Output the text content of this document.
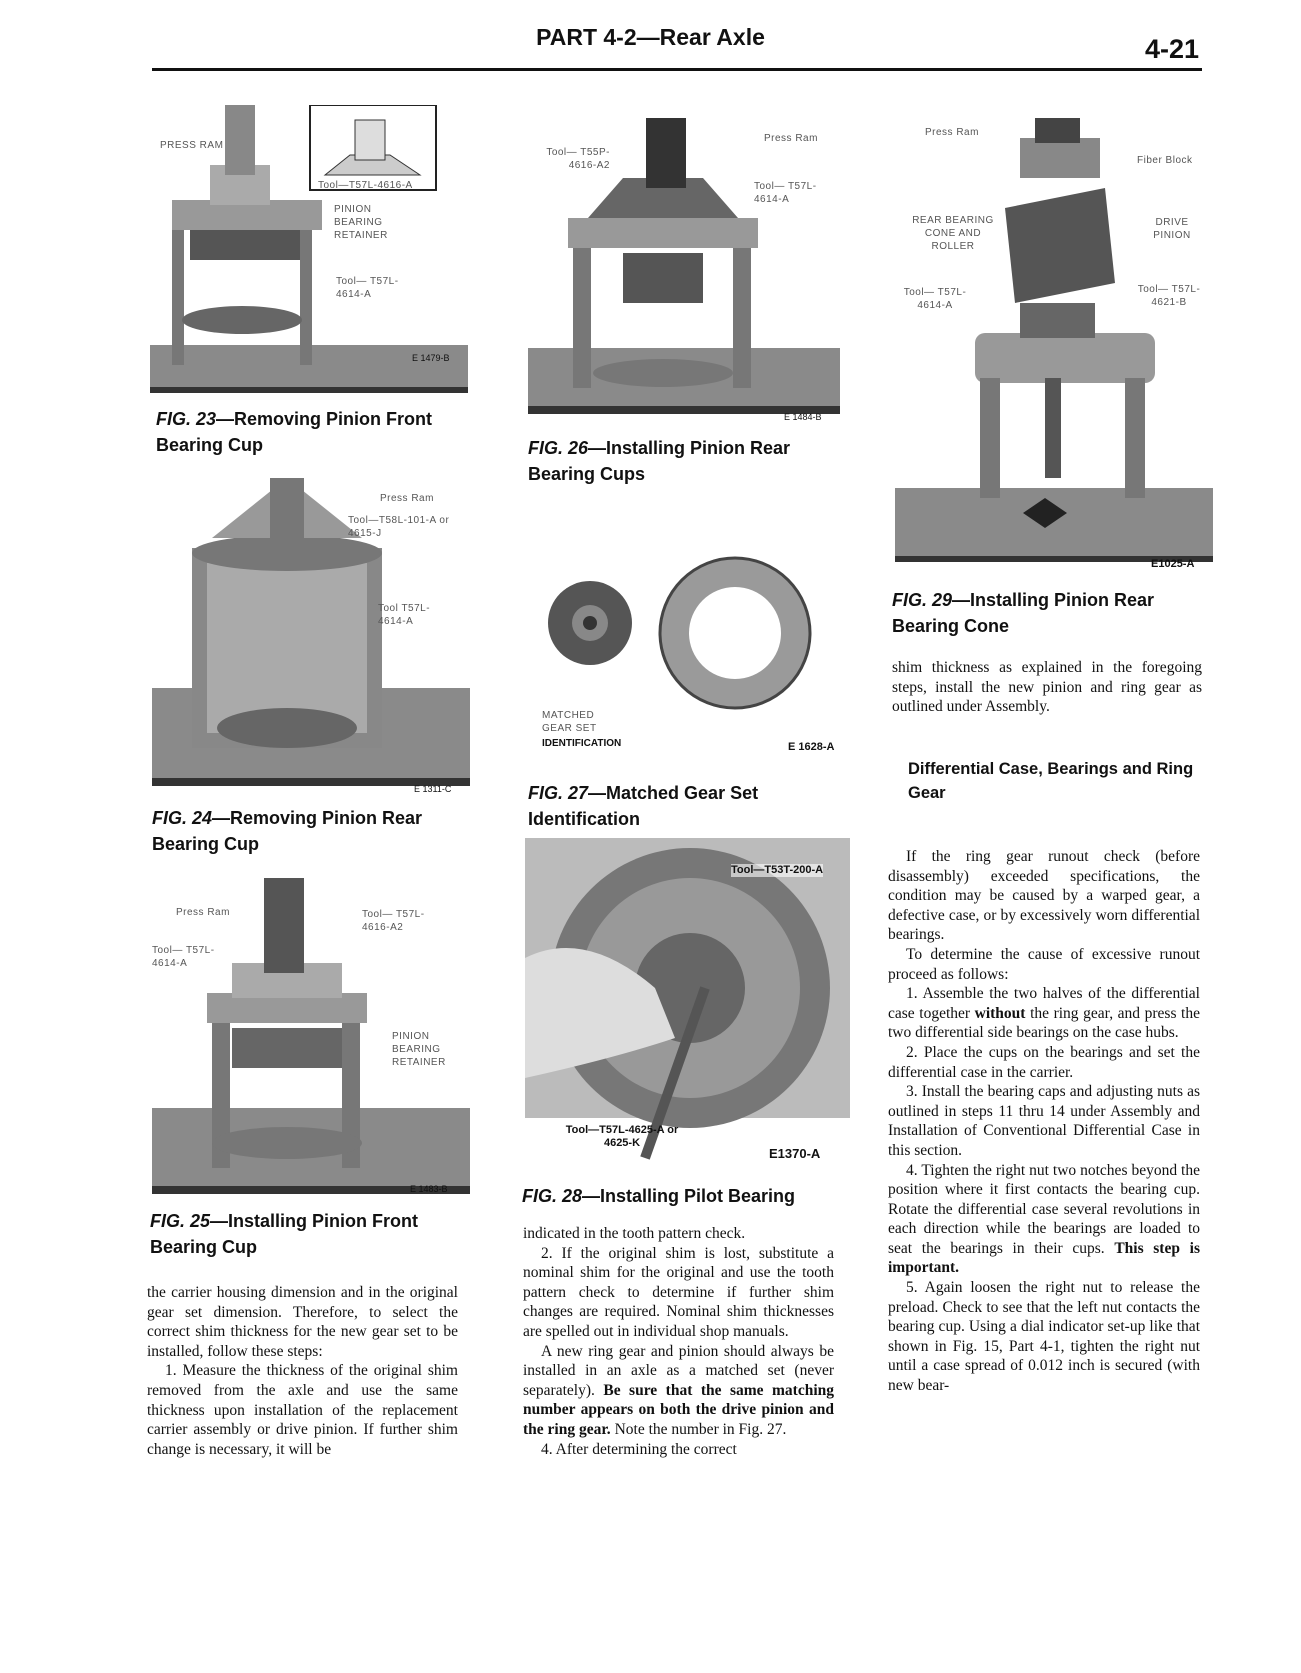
PART 4-2—Rear Axle	4-21
PRESS RAM
Tool—T57L-4616-A
PINION BEARING RETAINER
Tool— T57L-4614-A
E 1479-B
FIG. 23—Removing Pinion Front Bearing Cup
Press Ram
Tool—T58L-101-A or 4615-J
Tool T57L-4614-A
E 1311-C
FIG. 24—Removing Pinion Rear Bearing Cup
Press Ram	Tool— T57L-4616-A2
Tool— T57L-4614-A
PINION BEARING RETAINER
E 1483-B
FIG. 25—Installing Pinion Front Bearing Cup
Press Ram
Tool— T55P-4616-A2
Tool— T57L-4614-A
E 1484-B
FIG. 26—Installing Pinion Rear Bearing Cups
MATCHED GEAR SET
IDENTIFICATION	E 1628-A
FIG. 27—Matched Gear Set Identification
Tool—T53T-200-A
Tool—T57L-4625-A or 4625-K
E1370-A
FIG. 28—Installing Pilot Bearing
Press Ram
Fiber Block
REAR BEARING CONE AND ROLLER
DRIVE PINION
Tool— T57L-4614-A
Tool— T57L-4621-B
E1025-A
FIG. 29—Installing Pinion Rear Bearing Cone

the carrier housing dimension and in the original gear set dimension. Therefore, to select the correct shim thickness for the new gear set to be installed, follow these steps:

1. Measure the thickness of the original shim removed from the axle and use the same thickness upon installation of the replacement carrier assembly or drive pinion. If further shim change is necessary, it will be

indicated in the tooth pattern check.

2. If the original shim is lost, substitute a nominal shim for the original and use the tooth pattern check to determine if further shim changes are required. Nominal shim thicknesses are spelled out in individual shop manuals.

A new ring gear and pinion should always be installed in an axle as a matched set (never separately). Be sure that the same matching number appears on both the drive pinion and the ring gear. Note the number in Fig. 27.

4. After determining the correct

shim thickness as explained in the foregoing steps, install the new pinion and ring gear as outlined under Assembly.

Differential Case, Bearings and Ring Gear

If the ring gear runout check (before disassembly) exceeded specifications, the condition may be caused by a warped gear, a defective case, or by excessively worn differential bearings.

To determine the cause of excessive runout proceed as follows:

1. Assemble the two halves of the differential case together without the ring gear, and press the two differential side bearings on the case hubs.

2. Place the cups on the bearings and set the differential case in the carrier.

3. Install the bearing caps and adjusting nuts as outlined in steps 11 thru 14 under Assembly and Installation of Conventional Differential Case in this section.

4. Tighten the right nut two notches beyond the position where it first contacts the bearing cup. Rotate the differential case several revolutions in each direction while the bearings are loaded to seat the bearings in their cups. This step is important.

5. Again loosen the right nut to release the preload. Check to see that the left nut contacts the bearing cup. Using a dial indicator set-up like that shown in Fig. 15, Part 4-1, tighten the right nut until a case spread of 0.012 inch is secured (with new bear-
